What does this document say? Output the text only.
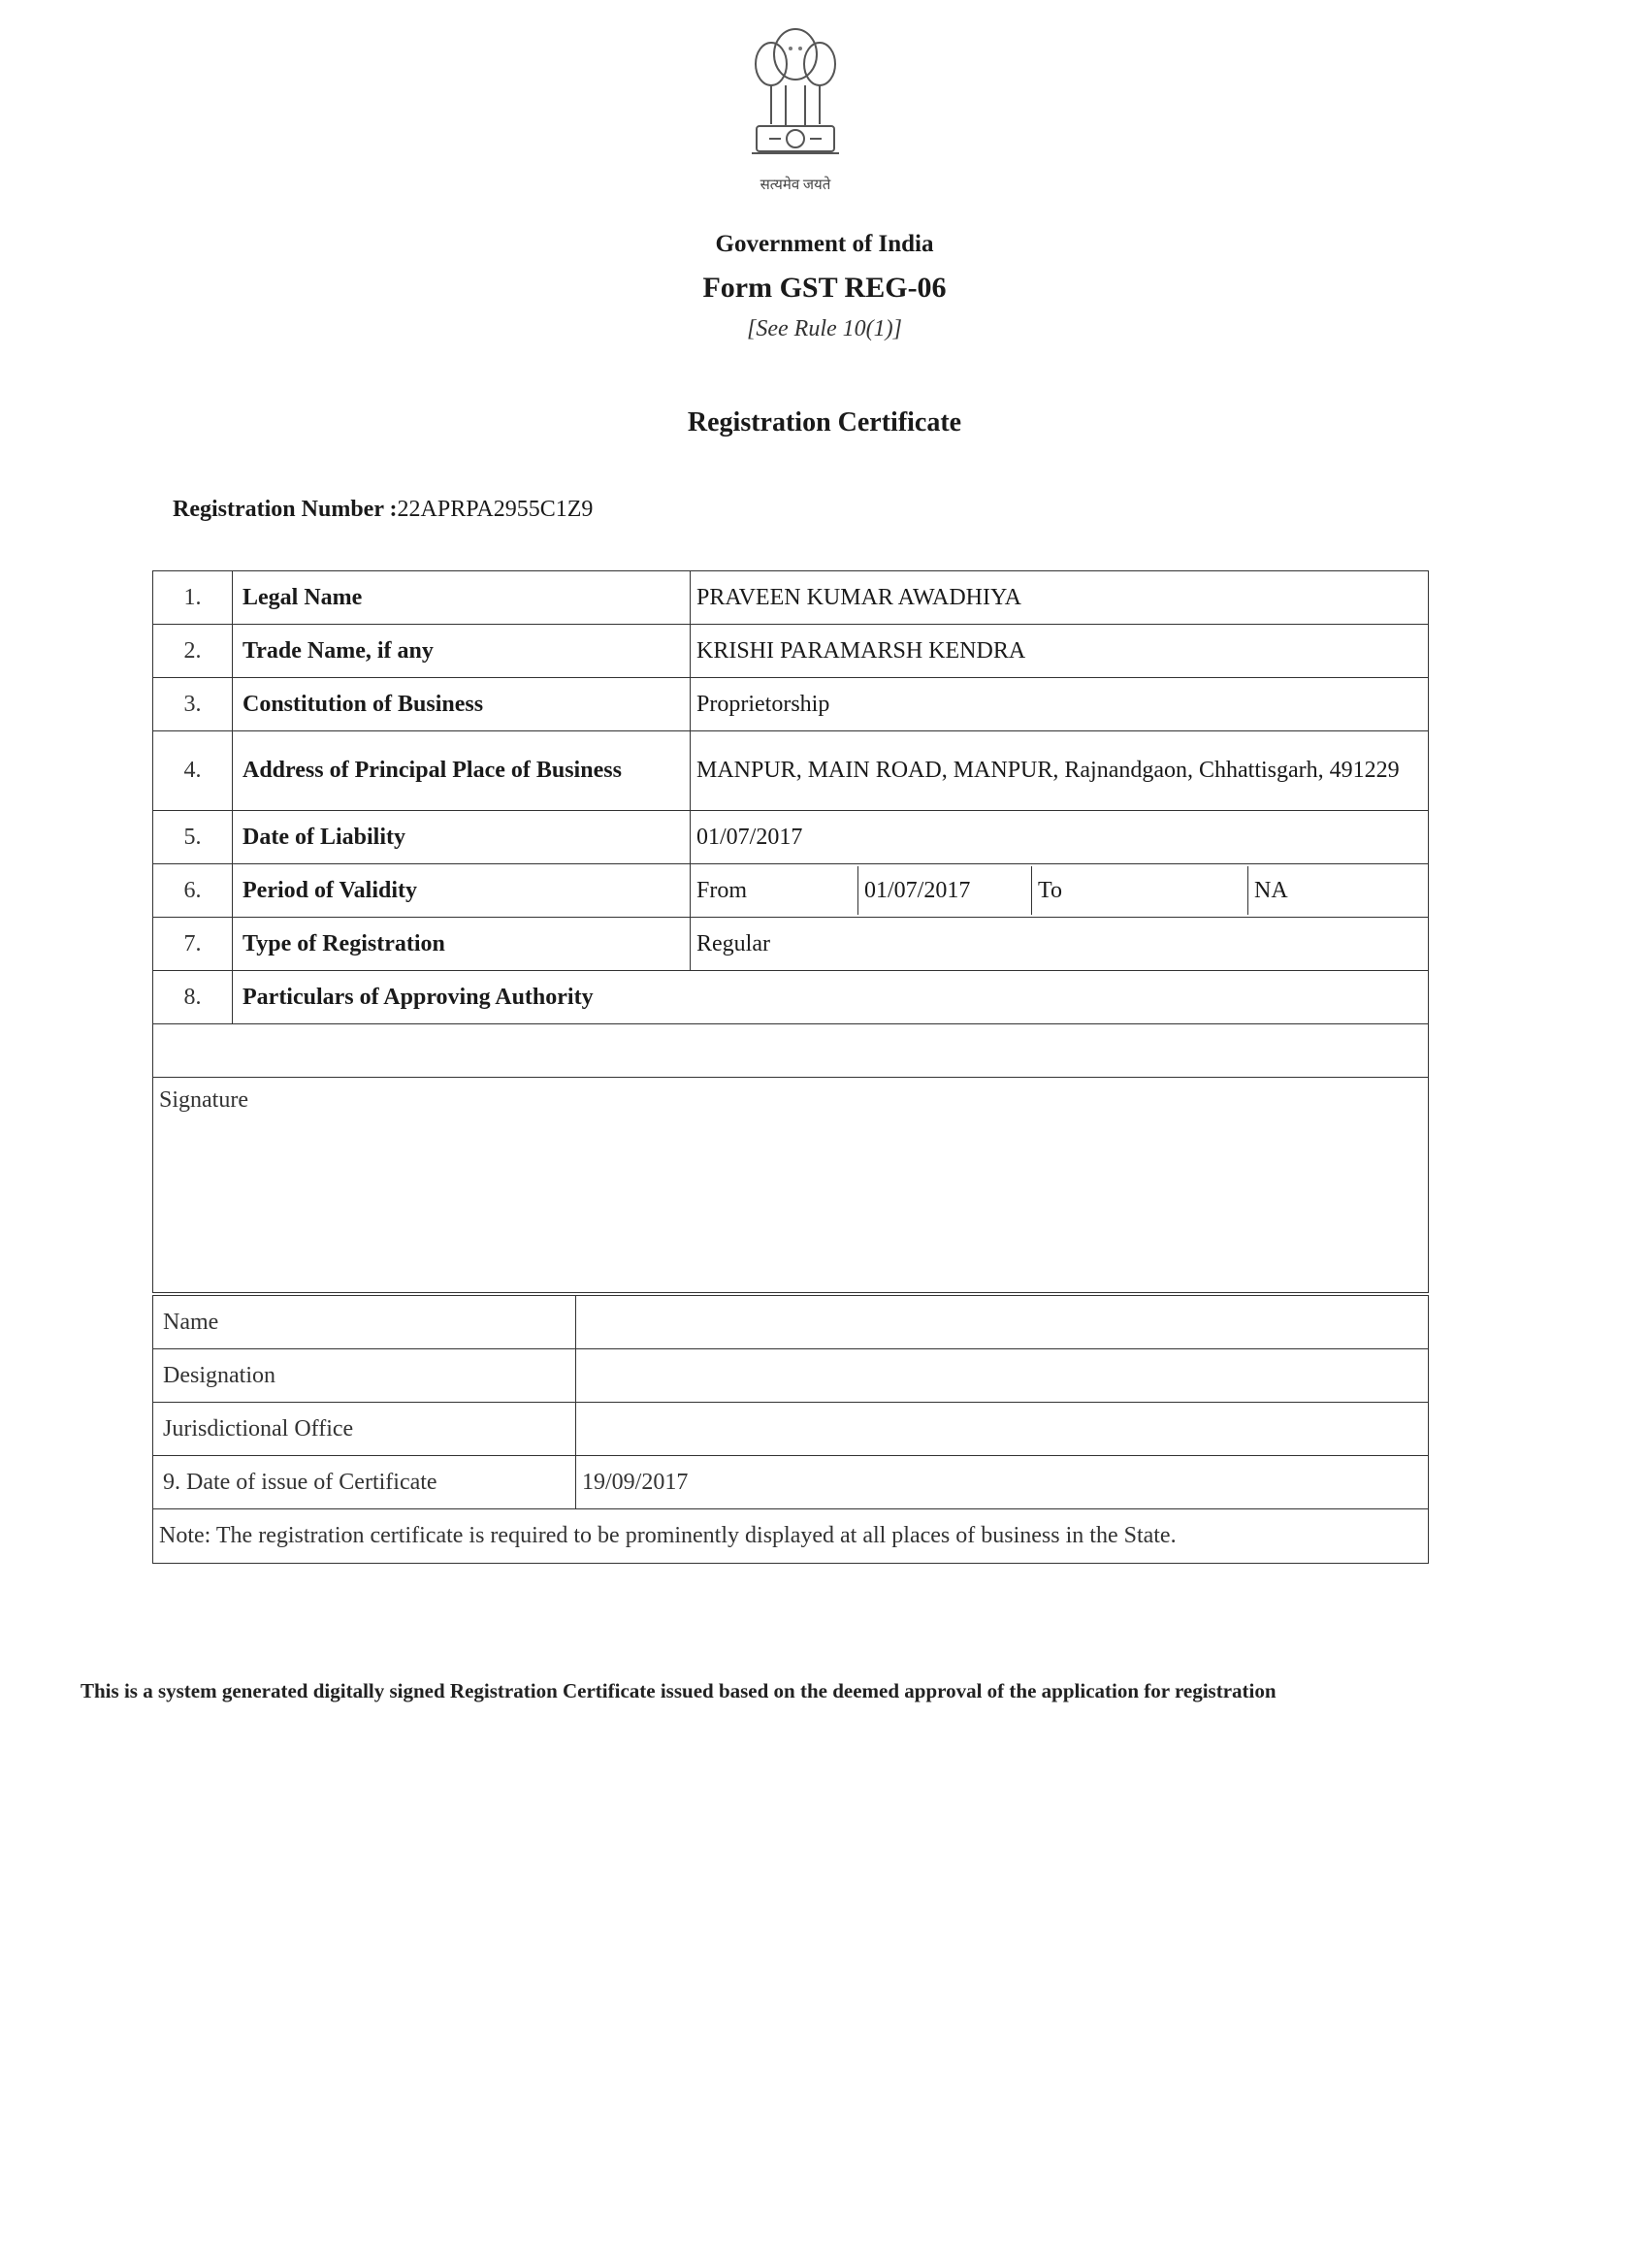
सत्यमेव जयते
Government of India
Form GST REG-06
[See Rule 10(1)]
Registration Certificate
Registration Number :22APRPA2955C1Z9
1.	Legal Name	PRAVEEN KUMAR AWADHIYA
2.	Trade Name, if any	KRISHI PARAMARSH KENDRA
3.	Constitution of Business	Proprietorship
4.	Address of Principal Place of Business	MANPUR, MAIN ROAD, MANPUR, Rajnandgaon, Chhattisgarh, 491229
5.	Date of Liability	01/07/2017
6.	Period of Validity		From	01/07/2017	To	NA

7.	Type of Registration	Regular
8.	Particulars of Approving Authority

Signature
Name	
Designation	
Jurisdictional Office	
9. Date of issue of Certificate	19/09/2017
Note: The registration certificate is required to be prominently displayed at all places of business in the State.	
This is a system generated digitally signed Registration Certificate issued based on the deemed approval of the application for registration
